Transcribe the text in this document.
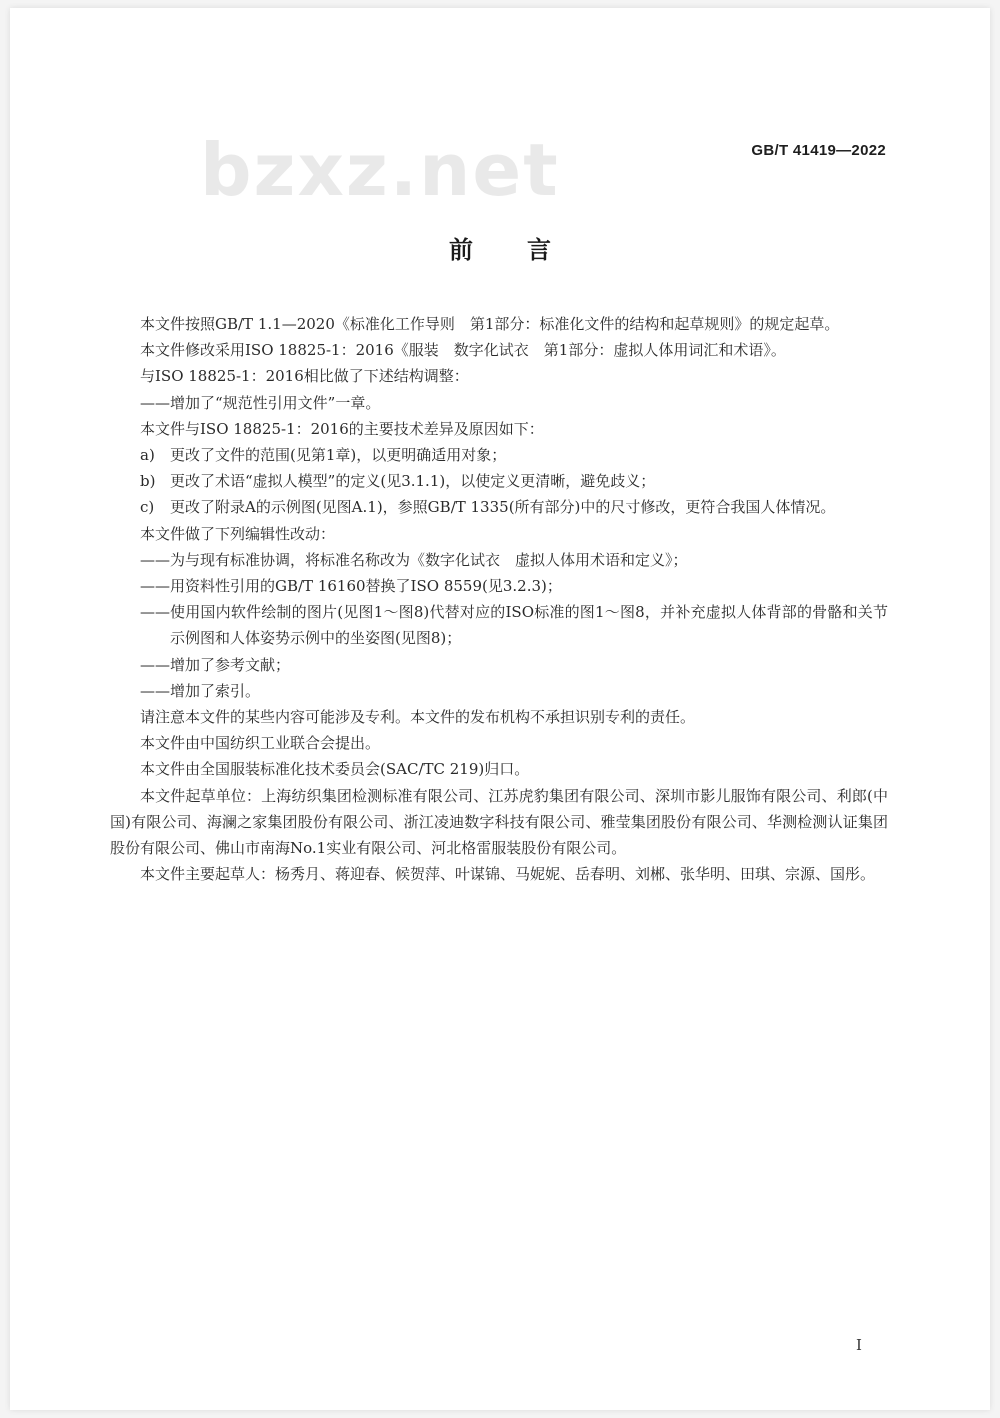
bzxz.net	GB/T 41419—2022
前言

本文件按照GB/T 1.1—2020《标准化工作导则　第1部分：标准化文件的结构和起草规则》的规定起草。

本文件修改采用ISO 18825-1：2016《服装　数字化试衣　第1部分：虚拟人体用词汇和术语》。

与ISO 18825-1：2016相比做了下述结构调整：

—— 增加了“规范性引用文件”一章。

本文件与ISO 18825-1：2016的主要技术差异及原因如下：

a)	更改了文件的范围(见第1章)，以更明确适用对象；
b) 更改了术语“虚拟人模型”的定义(见3.1.1)，以使定义更清晰，避免歧义；
c)	更改了附录A的示例图(见图A.1)，参照GB/T 1335(所有部分)中的尺寸修改，更符合我国人体情况。

本文件做了下列编辑性改动：

—— 为与现有标准协调，将标准名称改为《数字化试衣　虚拟人体用术语和定义》；
—— 用资料性引用的GB/T 16160替换了ISO 8559(见3.2.3)；
—— 使用国内软件绘制的图片(见图1～图8)代替对应的ISO标准的图1～图8，并补充虚拟人体背部的骨骼和关节示例图和人体姿势示例中的坐姿图(见图8)；
—— 增加了参考文献；
—— 增加了索引。

请注意本文件的某些内容可能涉及专利。本文件的发布机构不承担识别专利的责任。

本文件由中国纺织工业联合会提出。

本文件由全国服装标准化技术委员会(SAC/TC 219)归口。

本文件起草单位：上海纺织集团检测标准有限公司、江苏虎豹集团有限公司、深圳市影儿服饰有限公司、利郎(中国)有限公司、海澜之家集团股份有限公司、浙江凌迪数字科技有限公司、雅莹集团股份有限公司、华测检测认证集团股份有限公司、佛山市南海No.1实业有限公司、河北格雷服装股份有限公司。

本文件主要起草人：杨秀月、蒋迎春、候贺萍、叶谋锦、马妮妮、岳春明、刘郴、张华明、田琪、宗源、国彤。

I
